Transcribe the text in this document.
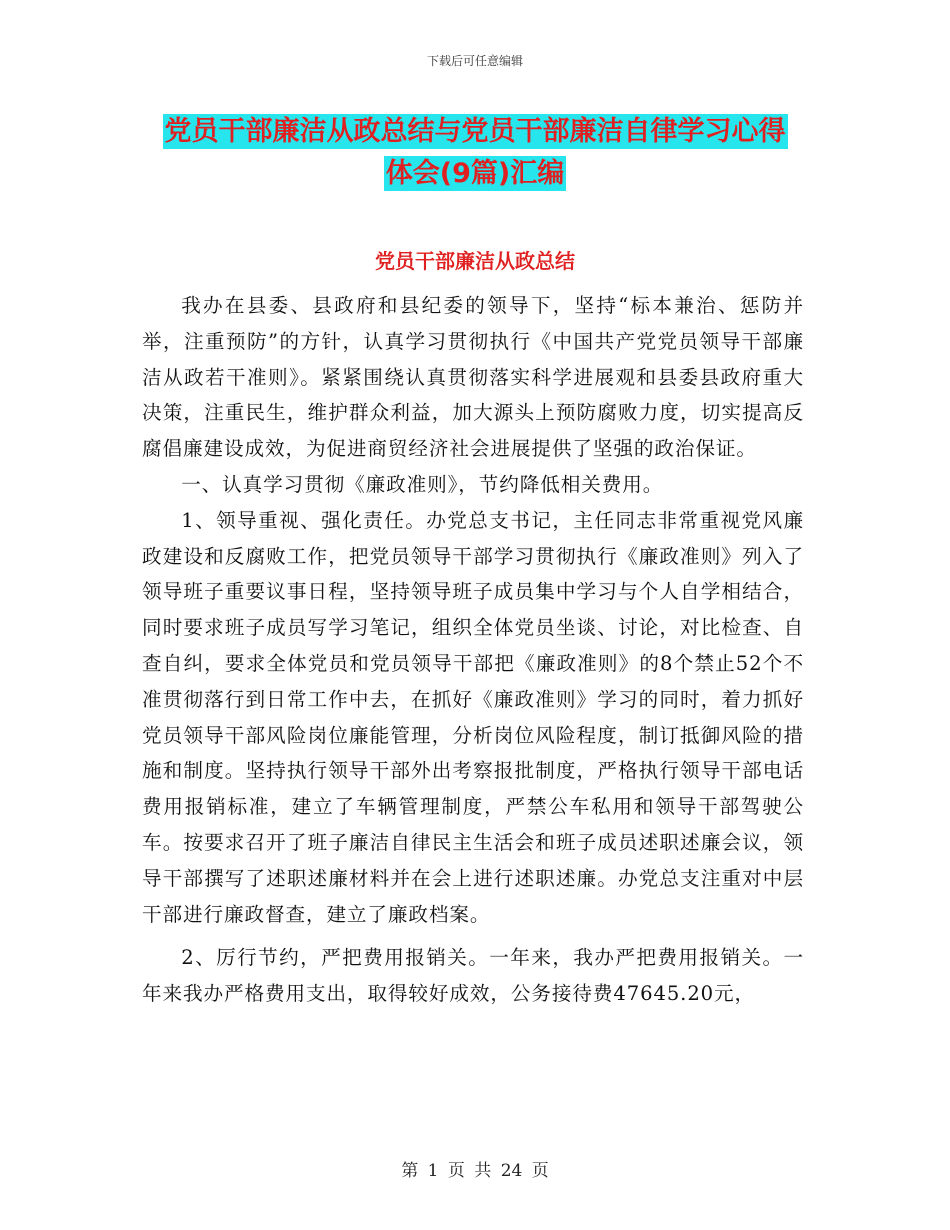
下载后可任意编辑
党员干部廉洁从政总结与党员干部廉洁自律学习心得
体会(9篇)汇编
党员干部廉洁从政总结

我办在县委、县政府和县纪委的领导下，坚持“标本兼治、惩防并举，注重预防”的方针，认真学习贯彻执行《中国共产党党员领导干部廉洁从政若干准则》。紧紧围绕认真贯彻落实科学进展观和县委县政府重大决策，注重民生，维护群众利益，加大源头上预防腐败力度，切实提高反腐倡廉建设成效，为促进商贸经济社会进展提供了坚强的政治保证。

一、认真学习贯彻《廉政准则》，节约降低相关费用。

1、领导重视、强化责任。办党总支书记，主任同志非常重视党风廉政建设和反腐败工作，把党员领导干部学习贯彻执行《廉政准则》列入了领导班子重要议事日程，坚持领导班子成员集中学习与个人自学相结合，同时要求班子成员写学习笔记，组织全体党员坐谈、讨论，对比检查、自查自纠，要求全体党员和党员领导干部把《廉政准则》的8个禁止52个不准贯彻落行到日常工作中去，在抓好《廉政准则》学习的同时，着力抓好党员领导干部风险岗位廉能管理，分析岗位风险程度，制订抵御风险的措施和制度。坚持执行领导干部外出考察报批制度，严格执行领导干部电话费用报销标准，建立了车辆管理制度，严禁公车私用和领导干部驾驶公车。按要求召开了班子廉洁自律民主生活会和班子成员述职述廉会议，领导干部撰写了述职述廉材料并在会上进行述职述廉。办党总支注重对中层干部进行廉政督查，建立了廉政档案。

2、厉行节约，严把费用报销关。一年来，我办严把费用报销关。一年来我办严格费用支出，取得较好成效，公务接待费47645.20元，

第 1 页 共 24 页
